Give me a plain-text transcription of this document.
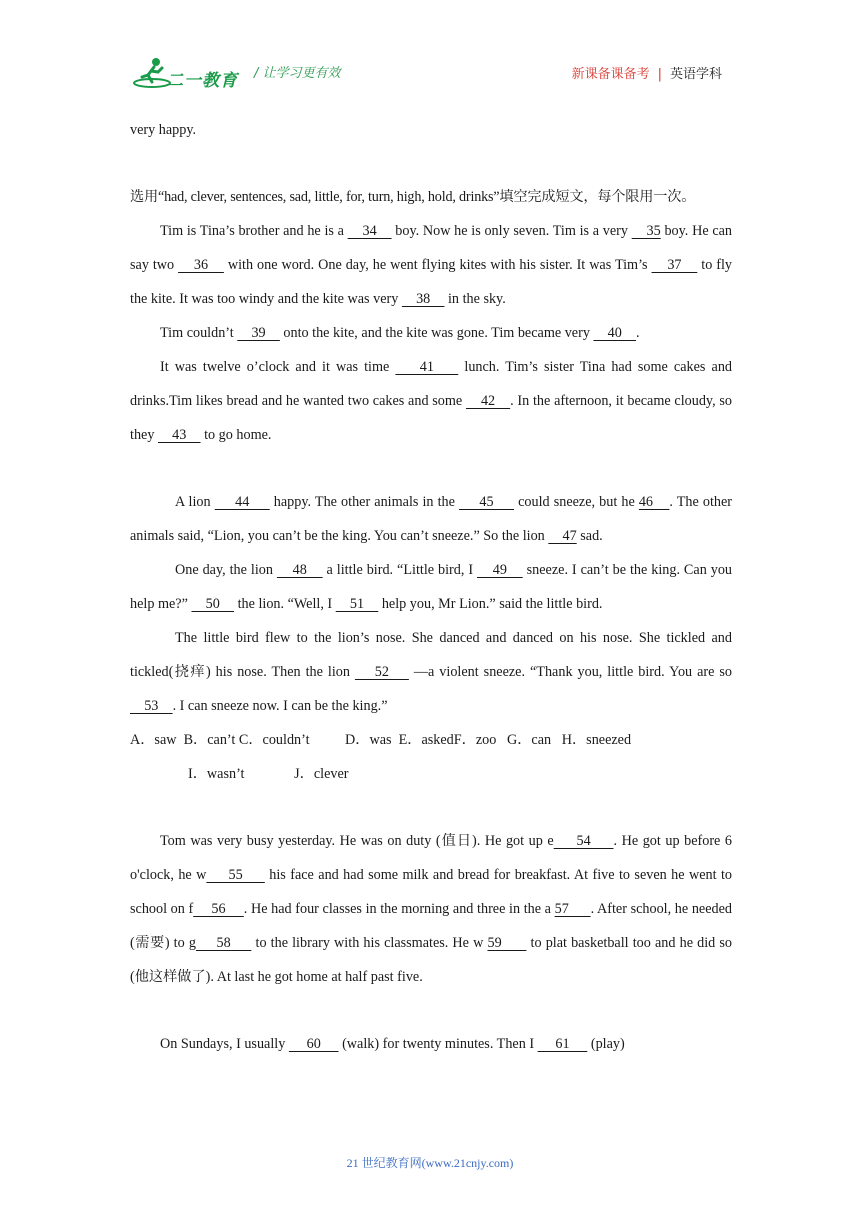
二一教育 / 让学习更有效	新课备课备考 | 英语学科

very happy.

选用“had, clever, sentences, sad, little, for, turn, high, hold, drinks”填空完成短文，每个限用一次。

Tim is Tina’s brother and he is a     34     boy. Now he is only seven. Tim is a very     35 boy. He can say two     36     with one word. One day, he went flying kites with his sister. It was Tim’s     37     to fly the kite. It was too windy and the kite was very     38     in the sky.

Tim couldn’t     39     onto the kite, and the kite was gone. Tim became very     40    .

It was twelve o’clock and it was time     41     lunch. Tim’s sister Tina had some cakes and drinks.Tim likes bread and he wanted two cakes and some     42    . In the afternoon, it became cloudy, so they     43     to go home.

A lion      44      happy. The other animals in the      45      could sneeze, but he 46    . The other animals said, “Lion, you can’t be the king. You can’t sneeze.” So the lion     47 sad.

One day, the lion     48     a little bird. “Little bird, I     49     sneeze. I can’t be the king. Can you help me?”     50     the lion. “Well, I     51     help you, Mr Lion.” said the little bird.

The little bird flew to the lion’s nose. She danced and danced on his nose. She tickled and tickled(挠痒) his nose. Then the lion     52     —a violent sneeze. “Thank you, little bird. You are so     53    . I can sneeze now. I can be the king.”

A．saw  B．can’t C．couldn’t          D．was  E．askedF．zoo   G．can   H．sneezed
I．wasn’t              J．clever

Tom was very busy yesterday. He was on duty (值日). He got up e     54     . He got up before 6 o'clock, he w     55      his face and had some milk and bread for breakfast. At five to seven he went to school on f     56     . He had four classes in the morning and three in the a 57      . After school, he needed (需要) to g     58      to the library with his classmates. He w 59       to plat basketball too and he did so (他这样做了). At last he got home at half past five.

On Sundays, I usually      60      (walk) for twenty minutes. Then I      61      (play)

21 世纪教育网(www.21cnjy.com)
